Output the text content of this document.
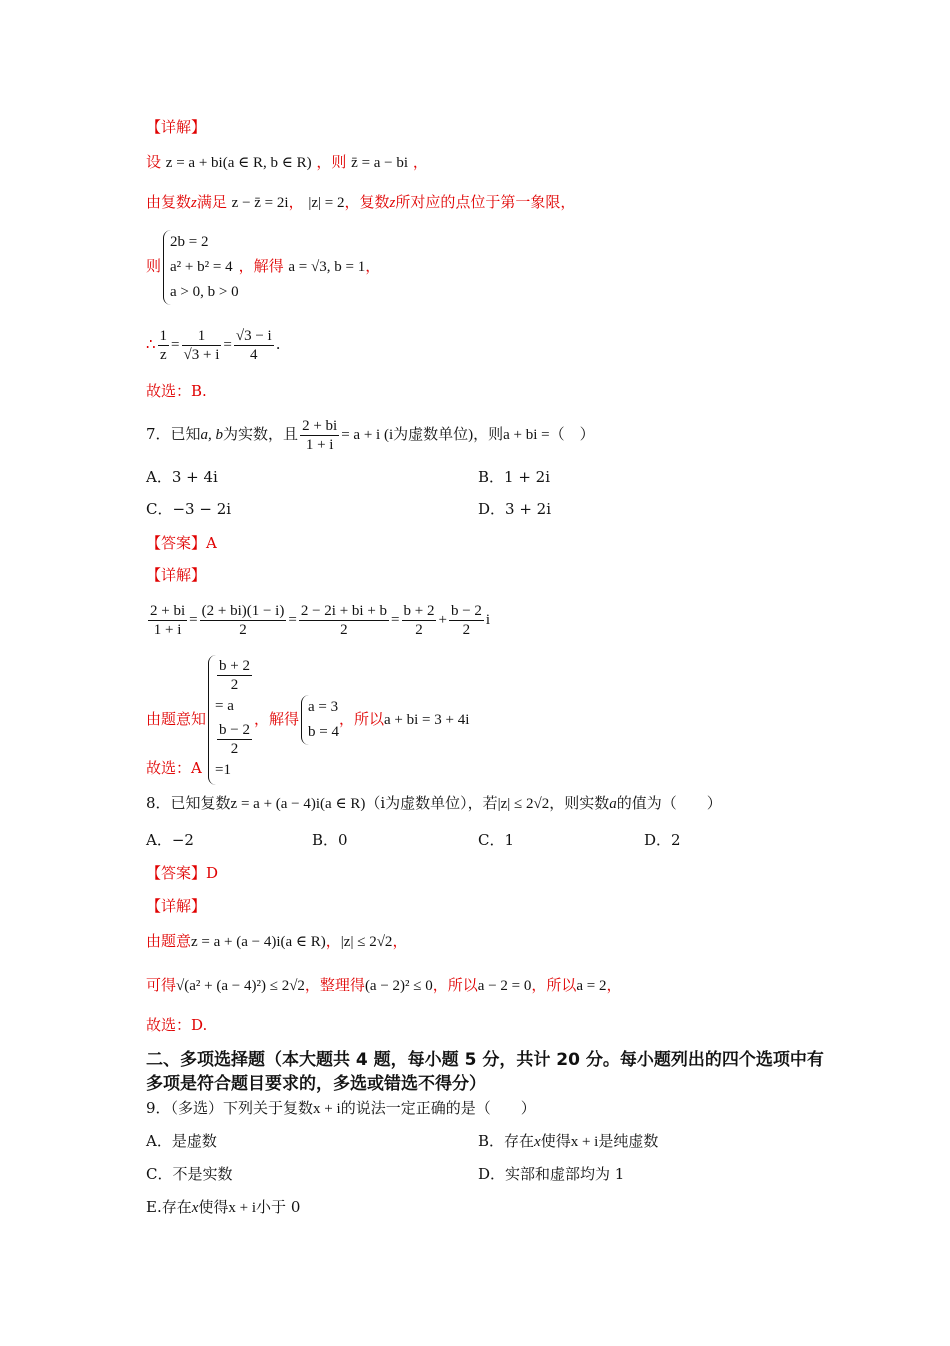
【详解】
设 z = a + bi(a ∈ R, b ∈ R) ，则 z̄ = a − bi ，
由复数z满足 z − z̄ = 2i， |z| = 2，复数z所对应的点位于第一象限，
则
2b = 2
a² + b² = 4
a > 0, b > 0
，解得 a = √3, b = 1，
∴ $\frac{1}{z} = \frac{1}{√3 + i} = \frac{√3 - i}{4}$ .
故选：B.
7．已知a, b为实数，且 $\frac{2 + bi}{1 + i} = a + i$ (i为虚数单位)，则a + bi =（　）
A．3 + 4i	B．1 + 2i
C．−3 − 2i	D．3 + 2i
【答案】A
【详解】
$\frac{2 + bi}{1 + i} = \frac{(2 + bi)(1 - i)}{2} = \frac{2 - 2i + bi + b}{2} = \frac{b + 2}{2} + \frac{b - 2}{2}$ i
由题意知
b + 2
2
= a
b − 2
2
=1
，解得
a = 3
b = 4
，所以a + bi = 3 + 4i
故选：A
8．已知复数z = a + (a − 4)i(a ∈ R)（i为虚数单位），若|z| ≤ 2√2，则实数a的值为（　　）
A．−2	B．0	C．1	D．2
【答案】D
【详解】
由题意z = a + (a − 4)i(a ∈ R)，|z| ≤ 2√2，
可得√(a² + (a − 4)²) ≤ 2√2，整理得(a − 2)² ≤ 0，所以a − 2 = 0，所以a = 2，
故选：D.
二、多项选择题（本大题共 4 题，每小题 5 分，共计 20 分。每小题列出的四个选项中有多项是符合题目要求的，多选或错选不得分）
9．（多选）下列关于复数x + i的说法一定正确的是（　　）
A．是虚数	B．存在x使得x + i是纯虚数
C．不是实数	D．实部和虚部均为 1
E.存在x使得x + i小于 0
